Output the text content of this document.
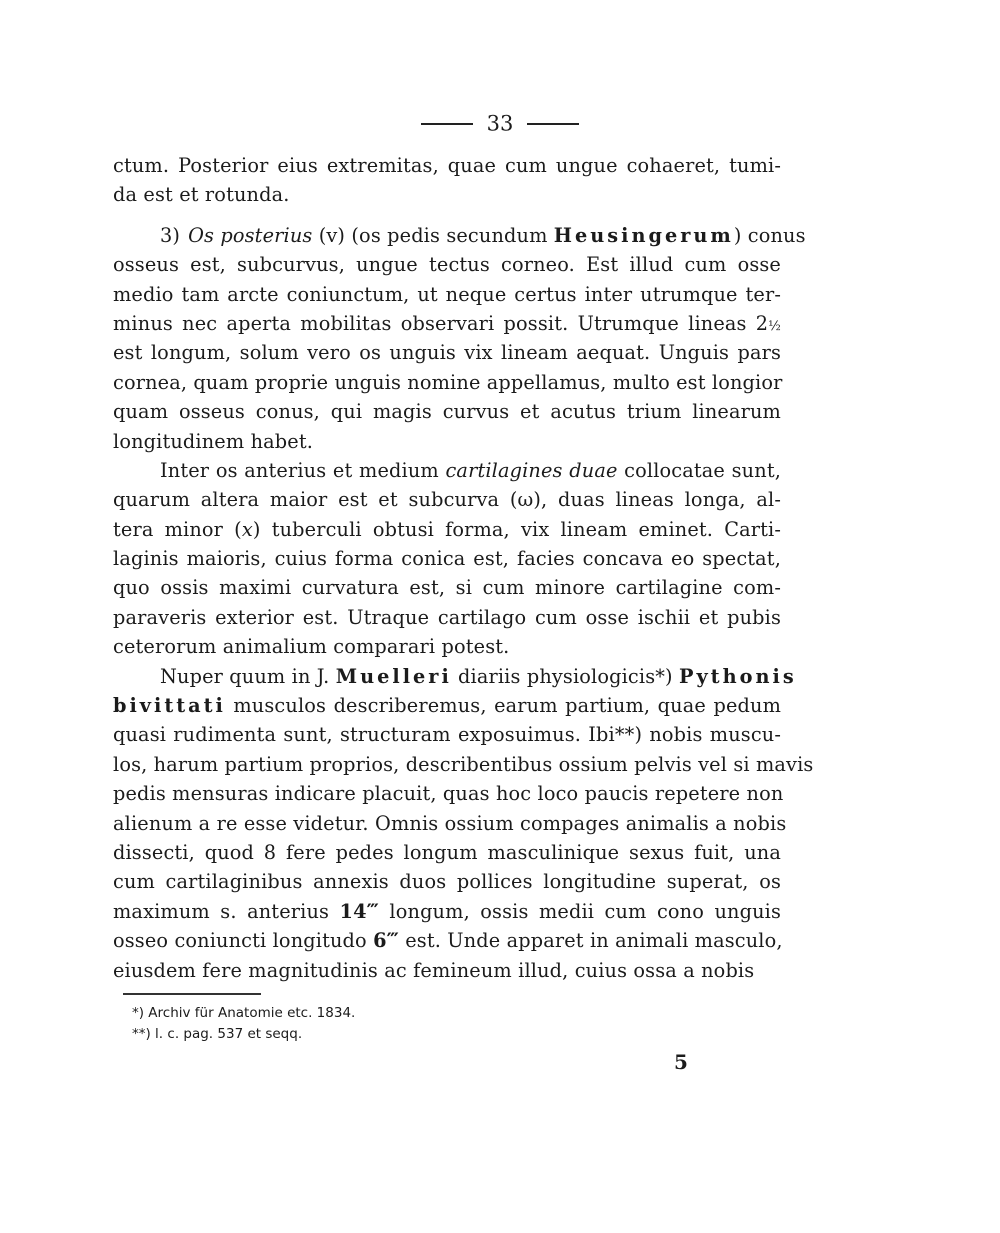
33
ctum. Posterior eius extremitas, quae cum ungue cohaeret, tumi-
da est et rotunda.
3) Os posterius (v) (os pedis secundum Heusingerum) conus
osseus est, subcurvus, ungue tectus corneo. Est illud cum osse
medio tam arcte coniunctum, ut neque certus inter utrumque ter-
minus nec aperta mobilitas observari possit. Utrumque lineas 2½
est longum, solum vero os unguis vix lineam aequat. Unguis pars
cornea, quam proprie unguis nomine appellamus, multo est longior
quam osseus conus, qui magis curvus et acutus trium linearum
longitudinem habet.
Inter os anterius et medium cartilagines duae collocatae sunt,
quarum altera maior est et subcurva (ω), duas lineas longa, al-
tera minor (x) tuberculi obtusi forma, vix lineam eminet. Carti-
laginis maioris, cuius forma conica est, facies concava eo spectat,
quo ossis maximi curvatura est, si cum minore cartilagine com-
paraveris exterior est. Utraque cartilago cum osse ischii et pubis
ceterorum animalium comparari potest.
Nuper quum in J. Muelleri diariis physiologicis*) Pythonis
bivittati musculos describeremus, earum partium, quae pedum
quasi rudimenta sunt, structuram exposuimus. Ibi**) nobis muscu-
los, harum partium proprios, describentibus ossium pelvis vel si mavis
pedis mensuras indicare placuit, quas hoc loco paucis repetere non
alienum a re esse videtur. Omnis ossium compages animalis a nobis
dissecti, quod 8 fere pedes longum masculinique sexus fuit, una
cum cartilaginibus annexis duos pollices longitudine superat, os
maximum s. anterius 14‴ longum, ossis medii cum cono unguis
osseo coniuncti longitudo 6‴ est. Unde apparet in animali masculo,
eiusdem fere magnitudinis ac femineum illud, cuius ossa a nobis
*) Archiv für Anatomie etc. 1834.
**) l. c. pag. 537 et seqq.
5
